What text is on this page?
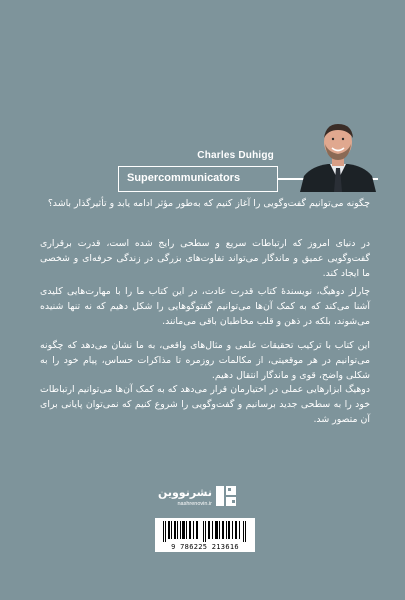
Charles Duhigg
Supercommunicators
چگونه می‌توانیم گفت‌وگویی را آغاز کنیم که به‌طور مؤثر ادامه یابد و تأثیرگذار باشد؟
در دنیای امروز که ارتباطات سریع و سطحی رایج شده است، قدرت برقراری گفت‌وگویی عمیق و ماندگار می‌تواند تفاوت‌های بزرگی در زندگی حرفه‌ای و شخصی ما ایجاد کند.
چارلز دوهیگ، نویسندهٔ کتاب قدرت عادت، در این کتاب ما را با مهارت‌هایی کلیدی آشنا می‌کند که به کمک آن‌ها می‌توانیم گفتوگوهایی را شکل دهیم که نه تنها شنیده می‌شوند، بلکه در ذهن و قلب مخاطبان باقی می‌مانند.
این کتاب با ترکیب تحقیقات علمی و مثال‌های واقعی، به ما نشان می‌دهد که چگونه می‌توانیم در هر موقعیتی، از مکالمات روزمره تا مذاکرات حساس، پیام خود را به شکلی واضح، قوی و ماندگار انتقال دهیم.
دوهیگ ابزارهایی عملی در اختیارمان قرار می‌دهد که به کمک آن‌ها می‌توانیم ارتباطات خود را به سطحی جدید برسانیم و گفت‌وگویی را شروع کنیم که نمی‌توان پایانی برای آن متصور شد.
نشرنووین
nashrenovin.ir
9 786225 213616
